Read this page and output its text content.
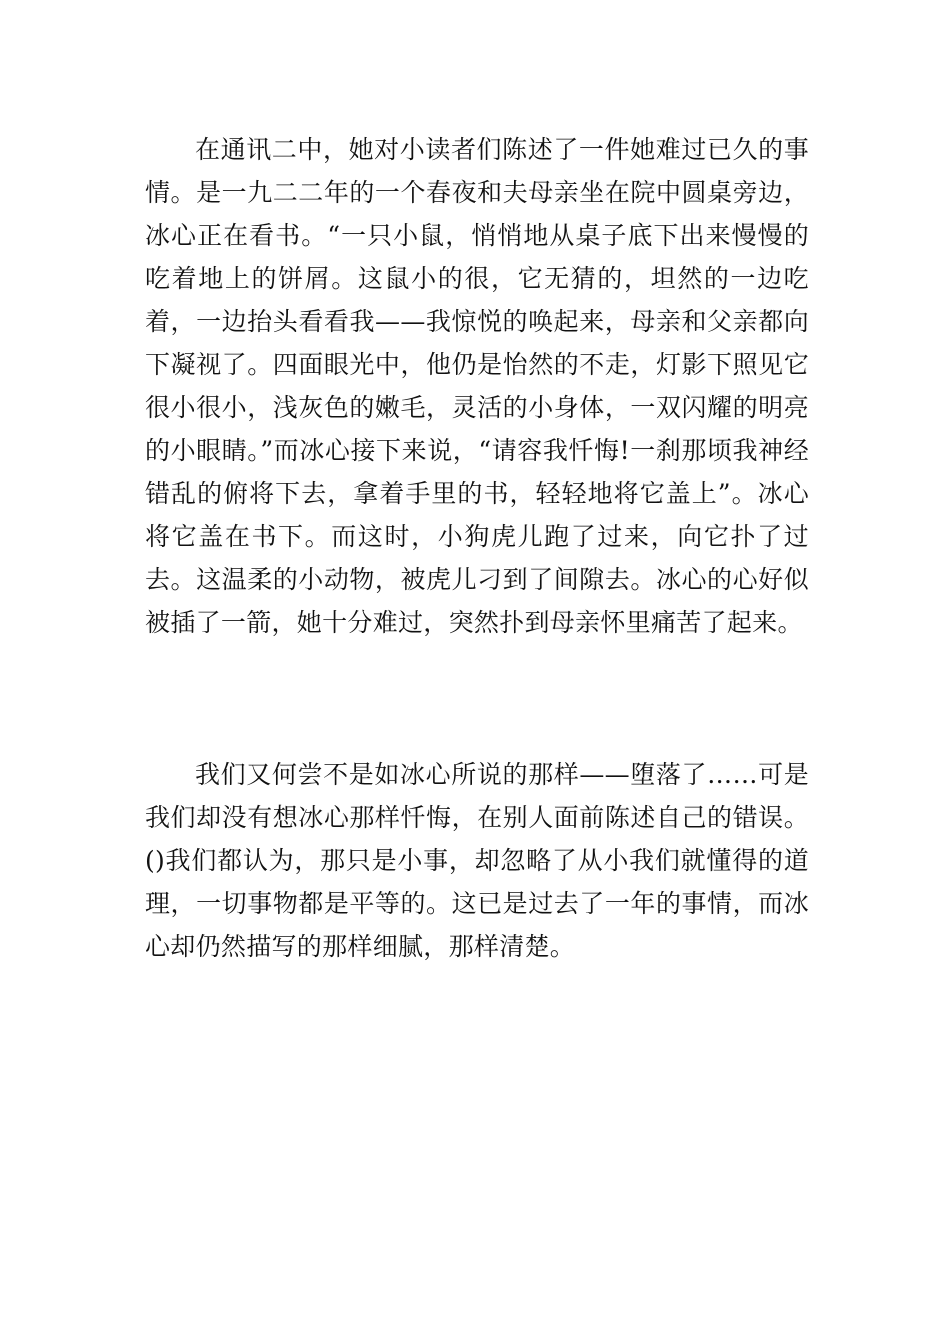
在通讯二中，她对小读者们陈述了一件她难过已久的事情。是一九二二年的一个春夜和夫母亲坐在院中圆桌旁边，冰心正在看书。“一只小鼠，悄悄地从桌子底下出来慢慢的吃着地上的饼屑。这鼠小的很，它无猜的，坦然的一边吃着，一边抬头看看我——我惊悦的唤起来，母亲和父亲都向下凝视了。四面眼光中，他仍是怡然的不走，灯影下照见它很小很小，浅灰色的嫩毛，灵活的小身体，一双闪耀的明亮的小眼睛。”而冰心接下来说，“请容我忏悔!一刹那顷我神经错乱的俯将下去，拿着手里的书，轻轻地将它盖上”。冰心将它盖在书下。而这时，小狗虎儿跑了过来，向它扑了过去。这温柔的小动物，被虎儿刁到了间隙去。冰心的心好似被插了一箭，她十分难过，突然扑到母亲怀里痛苦了起来。

我们又何尝不是如冰心所说的那样——堕落了……可是我们却没有想冰心那样忏悔，在别人面前陈述自己的错误。()我们都认为，那只是小事，却忽略了从小我们就懂得的道理，一切事物都是平等的。这已是过去了一年的事情，而冰心却仍然描写的那样细腻，那样清楚。
